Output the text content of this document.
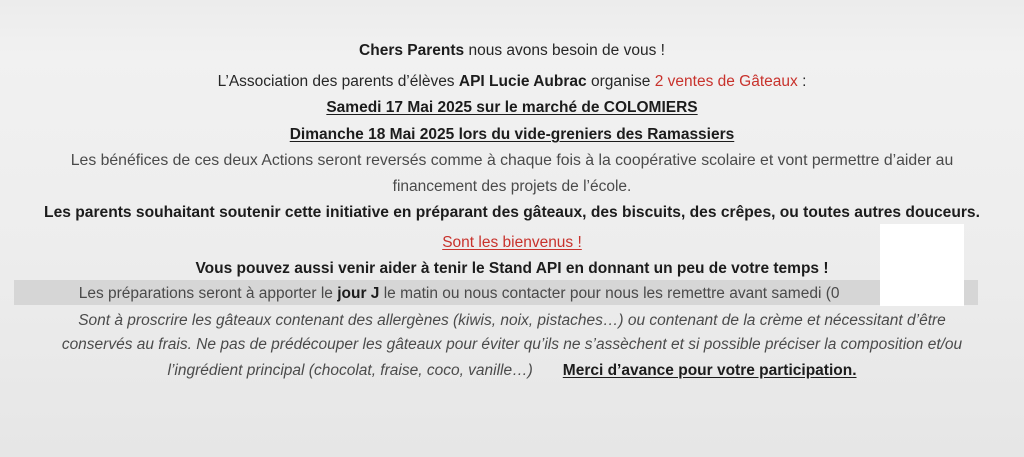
Chers Parents nous avons besoin de vous !
L’Association des parents d’élèves API Lucie Aubrac organise 2 ventes de Gâteaux :
Samedi 17 Mai 2025 sur le marché de COLOMIERS
Dimanche 18 Mai 2025 lors du vide-greniers des Ramassiers
Les bénéfices de ces deux Actions seront reversés comme à chaque fois à la coopérative scolaire et vont permettre d’aider au
financement des projets de l’école.
Les parents souhaitant soutenir cette initiative en préparant des gâteaux, des biscuits, des crêpes, ou toutes autres douceurs.
Sont les bienvenus !
Vous pouvez aussi venir aider à tenir le Stand API en donnant un peu de votre temps !
Les préparations seront à apporter le jour J le matin ou nous contacter pour nous les remettre avant samedi (0
Sont à proscrire les gâteaux contenant des allergènes (kiwis, noix, pistaches…) ou contenant de la crème et nécessitant d’être
conservés au frais. Ne pas de prédécouper les gâteaux pour éviter qu’ils ne s’assèchent et si possible préciser la composition et/ou
l’ingrédient principal (chocolat, fraise, coco, vanille…) Merci d’avance pour votre participation.
